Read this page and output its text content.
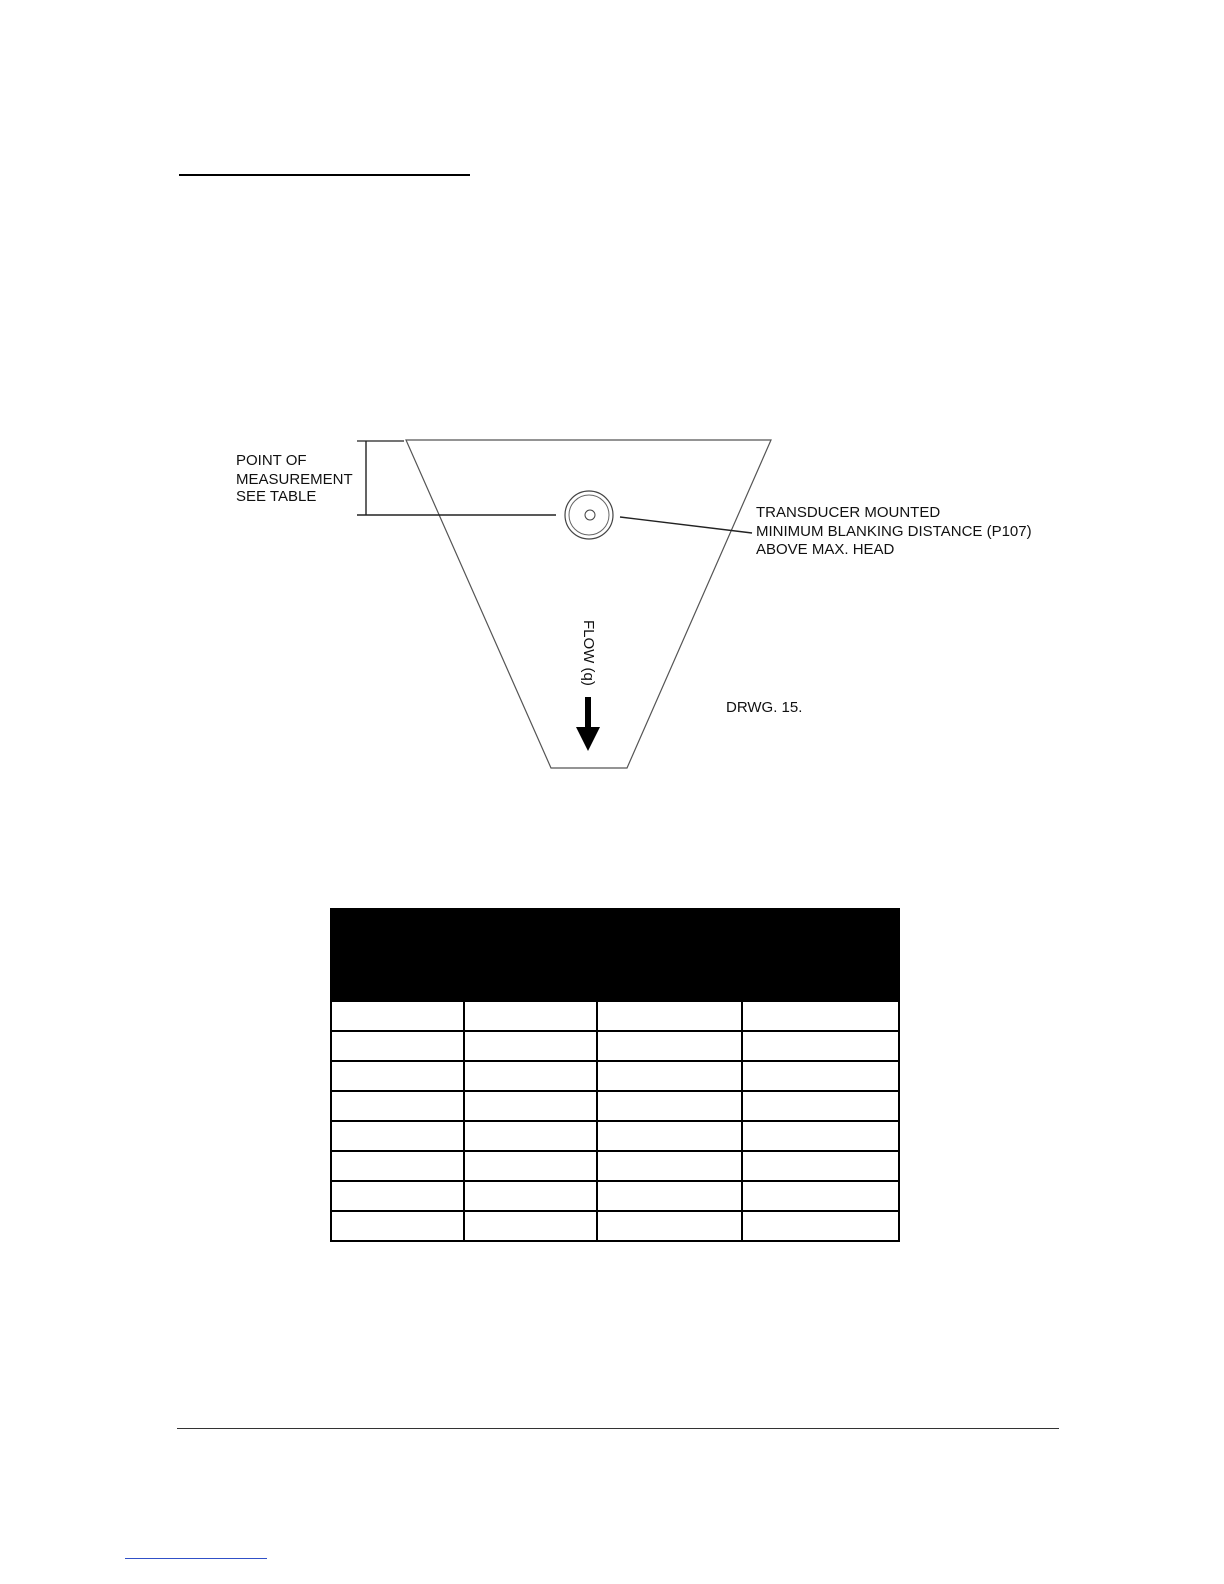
POINT OF MEASUREMENT SEE TABLE
TRANSDUCER MOUNTED MINIMUM BLANKING DISTANCE (P107) ABOVE MAX. HEAD
FLOW (q)
DRWG. 15.
